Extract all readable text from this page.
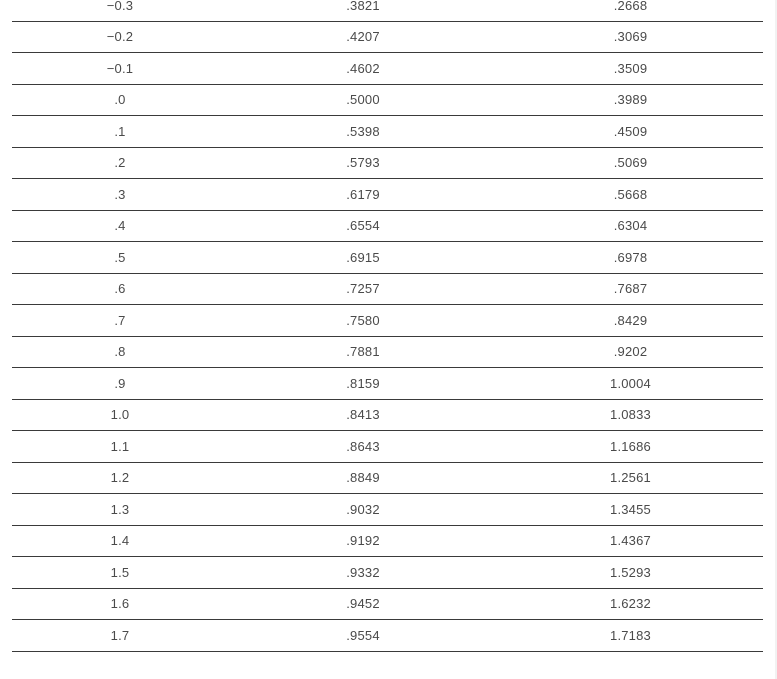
−0.3	.3821	.2668
−0.2	.4207	.3069
−0.1	.4602	.3509
.0	.5000	.3989
.1	.5398	.4509
.2	.5793	.5069
.3	.6179	.5668
.4	.6554	.6304
.5	.6915	.6978
.6	.7257	.7687
.7	.7580	.8429
.8	.7881	.9202
.9	.8159	1.0004
1.0	.8413	1.0833
1.1	.8643	1.1686
1.2	.8849	1.2561
1.3	.9032	1.3455
1.4	.9192	1.4367
1.5	.9332	1.5293
1.6	.9452	1.6232
1.7	.9554	1.7183
